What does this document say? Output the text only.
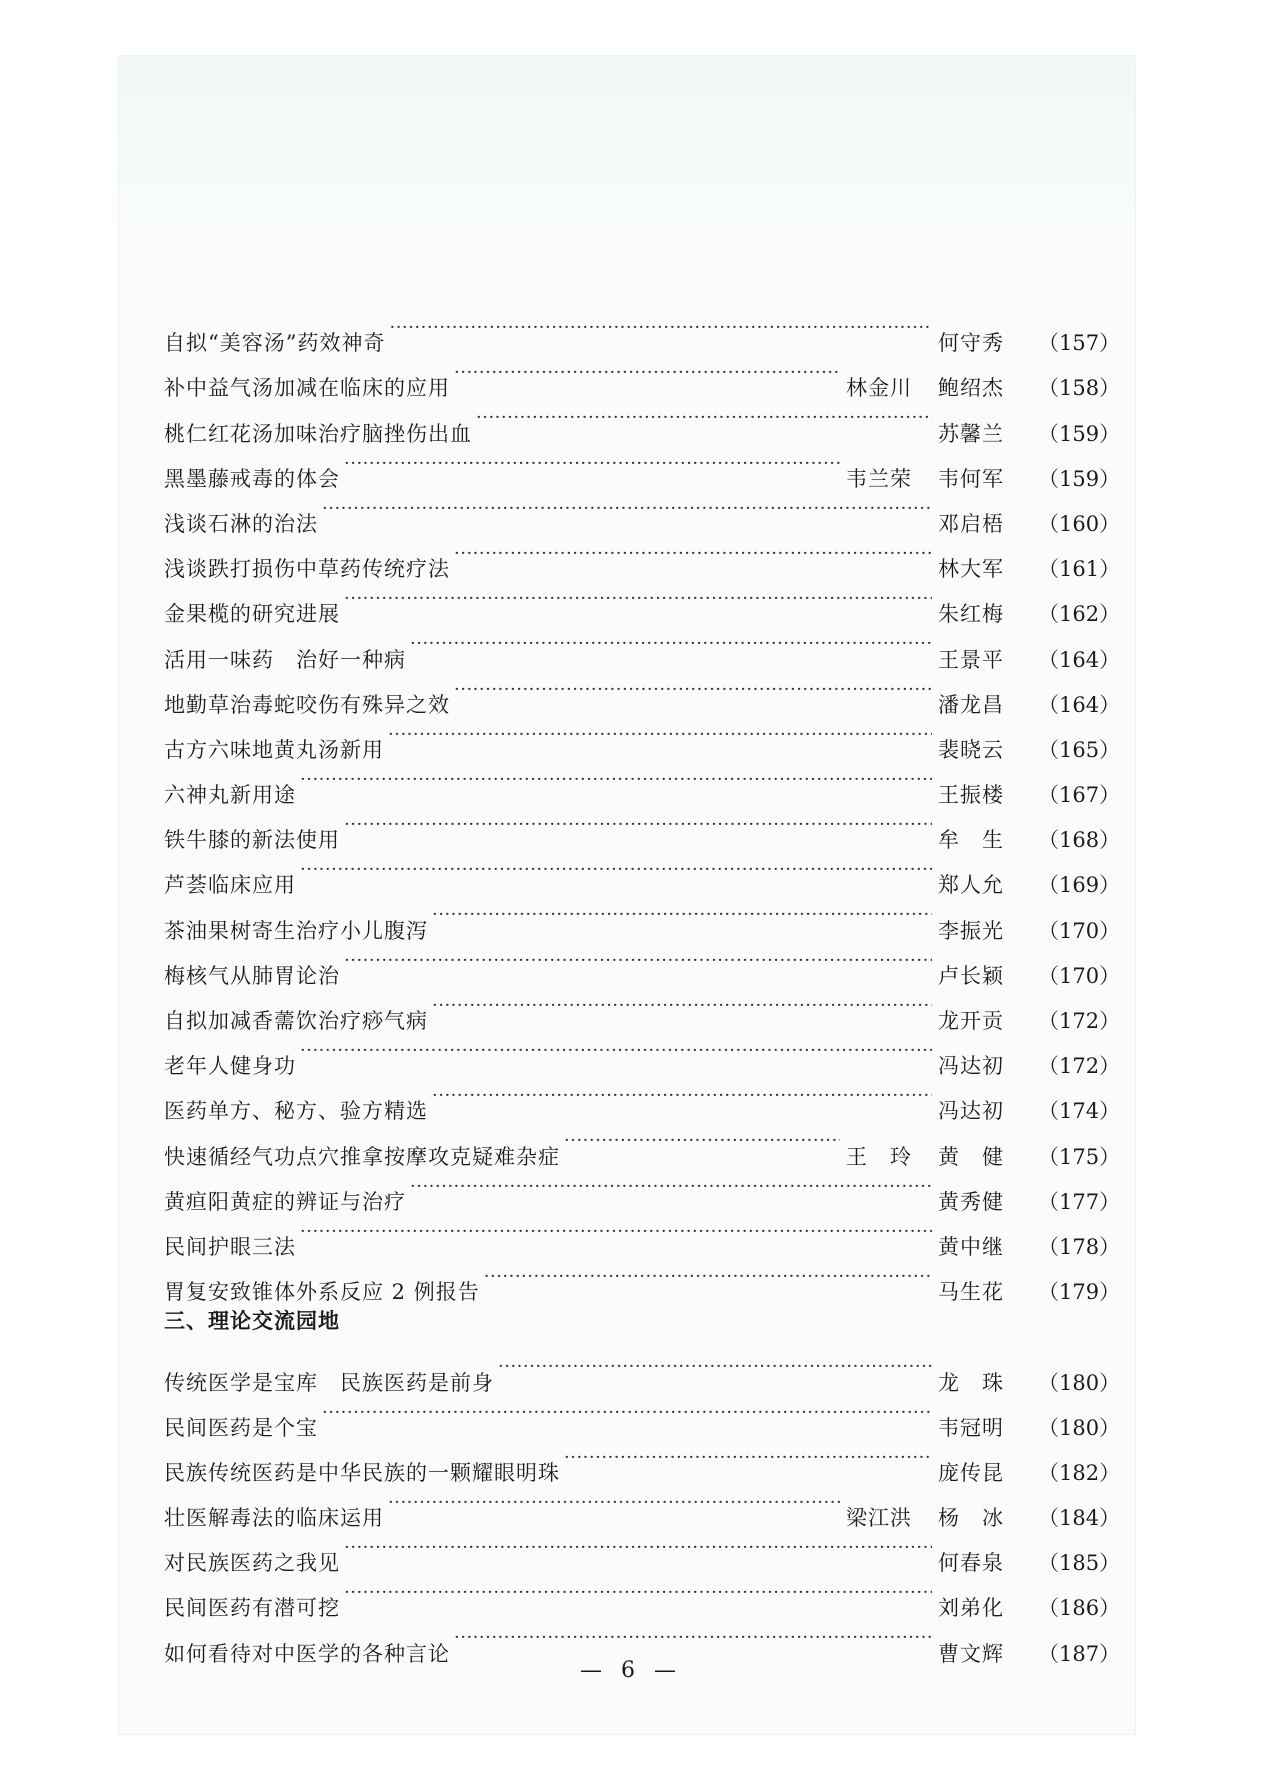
自拟“美容汤”药效神奇 ·····	何守秀	（157）
补中益气汤加减在临床的应用 ·····	林金川 鲍绍杰	（158）
桃仁红花汤加味治疗脑挫伤出血 ·····	苏馨兰	（159）
黑墨藤戒毒的体会 ·····	韦兰荣 韦何军	（159）
浅谈石淋的治法 ·····	邓启梧	（160）
浅谈跌打损伤中草药传统疗法 ·····	林大军	（161）
金果榄的研究进展 ·····	朱红梅	（162）
活用一味药　治好一种病 ·····	王景平	（164）
地勤草治毒蛇咬伤有殊异之效 ·····	潘龙昌	（164）
古方六味地黄丸汤新用 ·····	裴晓云	（165）
六神丸新用途 ·····	王振楼	（167）
铁牛膝的新法使用 ·····	牟　生	（168）
芦荟临床应用 ·····	郑人允	（169）
茶油果树寄生治疗小儿腹泻 ·····	李振光	（170）
梅核气从肺胃论治 ·····	卢长颖	（170）
自拟加减香薷饮治疗痧气病 ·····	龙开贡	（172）
老年人健身功 ·····	冯达初	（172）
医药单方、秘方、验方精选 ·····	冯达初	（174）
快速循经气功点穴推拿按摩攻克疑难杂症 ·····	王　玲 黄　健	（175）
黄疸阳黄症的辨证与治疗 ·····	黄秀健	（177）
民间护眼三法 ·····	黄中继	（178）
胃复安致锥体外系反应 2 例报告 ·····	马生花	（179）
三、理论交流园地
传统医学是宝库　民族医药是前身 ·····	龙　珠	（180）
民间医药是个宝 ·····	韦冠明	（180）
民族传统医药是中华民族的一颗耀眼明珠 ·····	庞传昆	（182）
壮医解毒法的临床运用 ·····	梁江洪 杨　冰	（184）
对民族医药之我见 ·····	何春泉	（185）
民间医药有潜可挖 ·····	刘弟化	（186）
如何看待对中医学的各种言论 ·····	曹文辉	（187）
— 6 —
